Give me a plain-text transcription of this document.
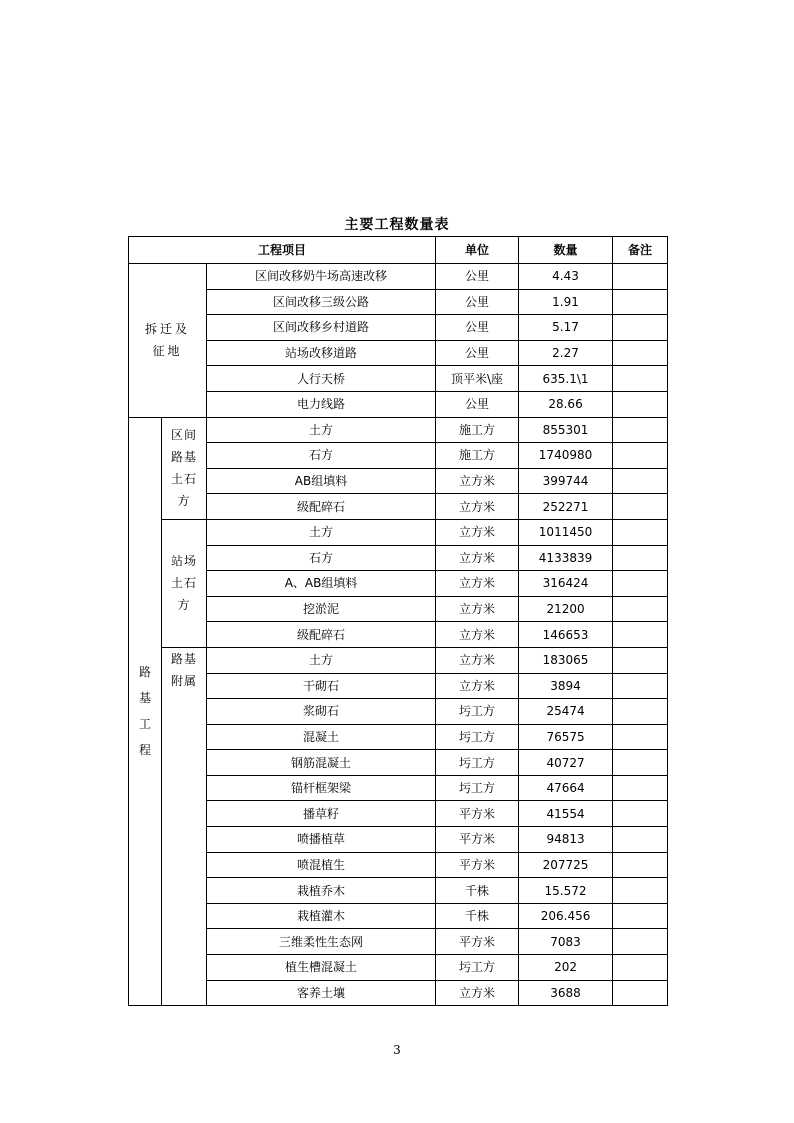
主要工程数量表
工程项目			单位	数量	备注
拆迁及征地		区间改移奶牛场高速改移	公里	4.43	
		区间改移三级公路	公里	1.91	
		区间改移乡村道路	公里	5.17	
		站场改移道路	公里	2.27	
		人行天桥	顶平米\座	635.1\1	
		电力线路	公里	28.66	
路基工程	区间路基土石方	土方	施工方	855301	
		石方	施工方	1740980	
		AB组填料	立方米	399744	
		级配碎石	立方米	252271	
	站场土石方	土方	立方米	1011450	
		石方	立方米	4133839	
		A、AB组填料	立方米	316424	
		挖淤泥	立方米	21200	
		级配碎石	立方米	146653	
	路基附属	土方	立方米	183065	
		干砌石	立方米	3894	
		浆砌石	圬工方	25474	
		混凝土	圬工方	76575	
		钢筋混凝土	圬工方	40727	
		锚杆框架梁	圬工方	47664	
		播草籽	平方米	41554	
		喷播植草	平方米	94813	
		喷混植生	平方米	207725	
		栽植乔木	千株	15.572	
		栽植灌木	千株	206.456	
		三维柔性生态网	平方米	7083	
		植生槽混凝土	圬工方	202	
		客养土壤	立方米	3688	
3
